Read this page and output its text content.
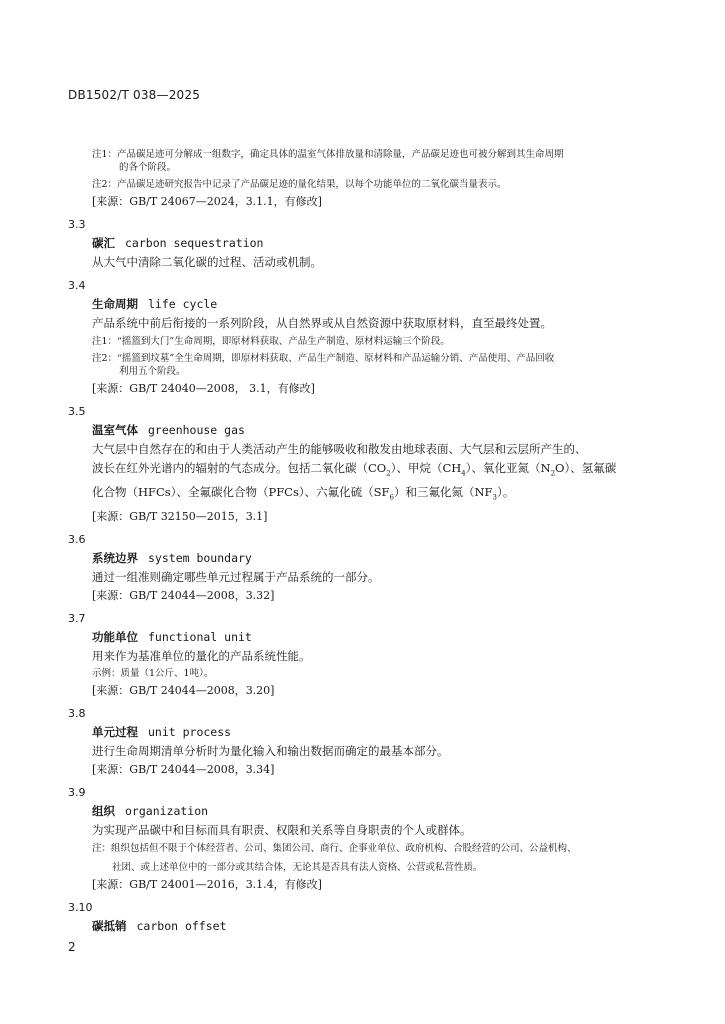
DB1502/T 038—2025
注1：产品碳足迹可分解成一组数字，确定具体的温室气体排放量和清除量，产品碳足迹也可被分解到其生命周期
的各个阶段。
注2：产品碳足迹研究报告中记录了产品碳足迹的量化结果，以每个功能单位的二氧化碳当量表示。
[来源：GB/T 24067—2024，3.1.1，有修改]
3.3
碳汇 carbon sequestration
从大气中清除二氧化碳的过程、活动或机制。
3.4
生命周期 life cycle
产品系统中前后衔接的一系列阶段，从自然界或从自然资源中获取原材料，直至最终处置。
注1：“摇篮到大门”生命周期，即原材料获取、产品生产制造、原材料运输三个阶段。
注2：“摇篮到坟墓”全生命周期，即原材料获取、产品生产制造、原材料和产品运输分销、产品使用、产品回收
利用五个阶段。
[来源：GB/T 24040—2008， 3.1，有修改]
3.5
温室气体 greenhouse gas
大气层中自然存在的和由于人类活动产生的能够吸收和散发由地球表面、大气层和云层所产生的、
波长在红外光谱内的辐射的气态成分。包括二氧化碳$(CO_2)$、甲烷$(CH_4)$、氧化亚氮$(N_2O)$、氢氟碳
化合物（HFCs）、全氟碳化合物（PFCs）、六氟化硫$(SF_6)$和三氟化氮$(NF_3)$。
[来源：GB/T 32150—2015，3.1]
3.6
系统边界 system boundary
通过一组准则确定哪些单元过程属于产品系统的一部分。
[来源：GB/T 24044—2008，3.32]
3.7
功能单位 functional unit
用来作为基准单位的量化的产品系统性能。
示例：质量（1公斤、1吨）。
[来源：GB/T 24044—2008，3.20]
3.8
单元过程 unit process
进行生命周期清单分析时为量化输入和输出数据而确定的最基本部分。
[来源：GB/T 24044—2008，3.34]
3.9
组织 organization
为实现产品碳中和目标而具有职责、权限和关系等自身职责的个人或群体。
注：组织包括但不限于个体经营者、公司、集团公司、商行、企事业单位、政府机构、合股经营的公司、公益机构、
社团、或上述单位中的一部分或其结合体，无论其是否具有法人资格、公营或私营性质。
[来源：GB/T 24001—2016，3.1.4，有修改]
3.10
碳抵销 carbon offset
2
